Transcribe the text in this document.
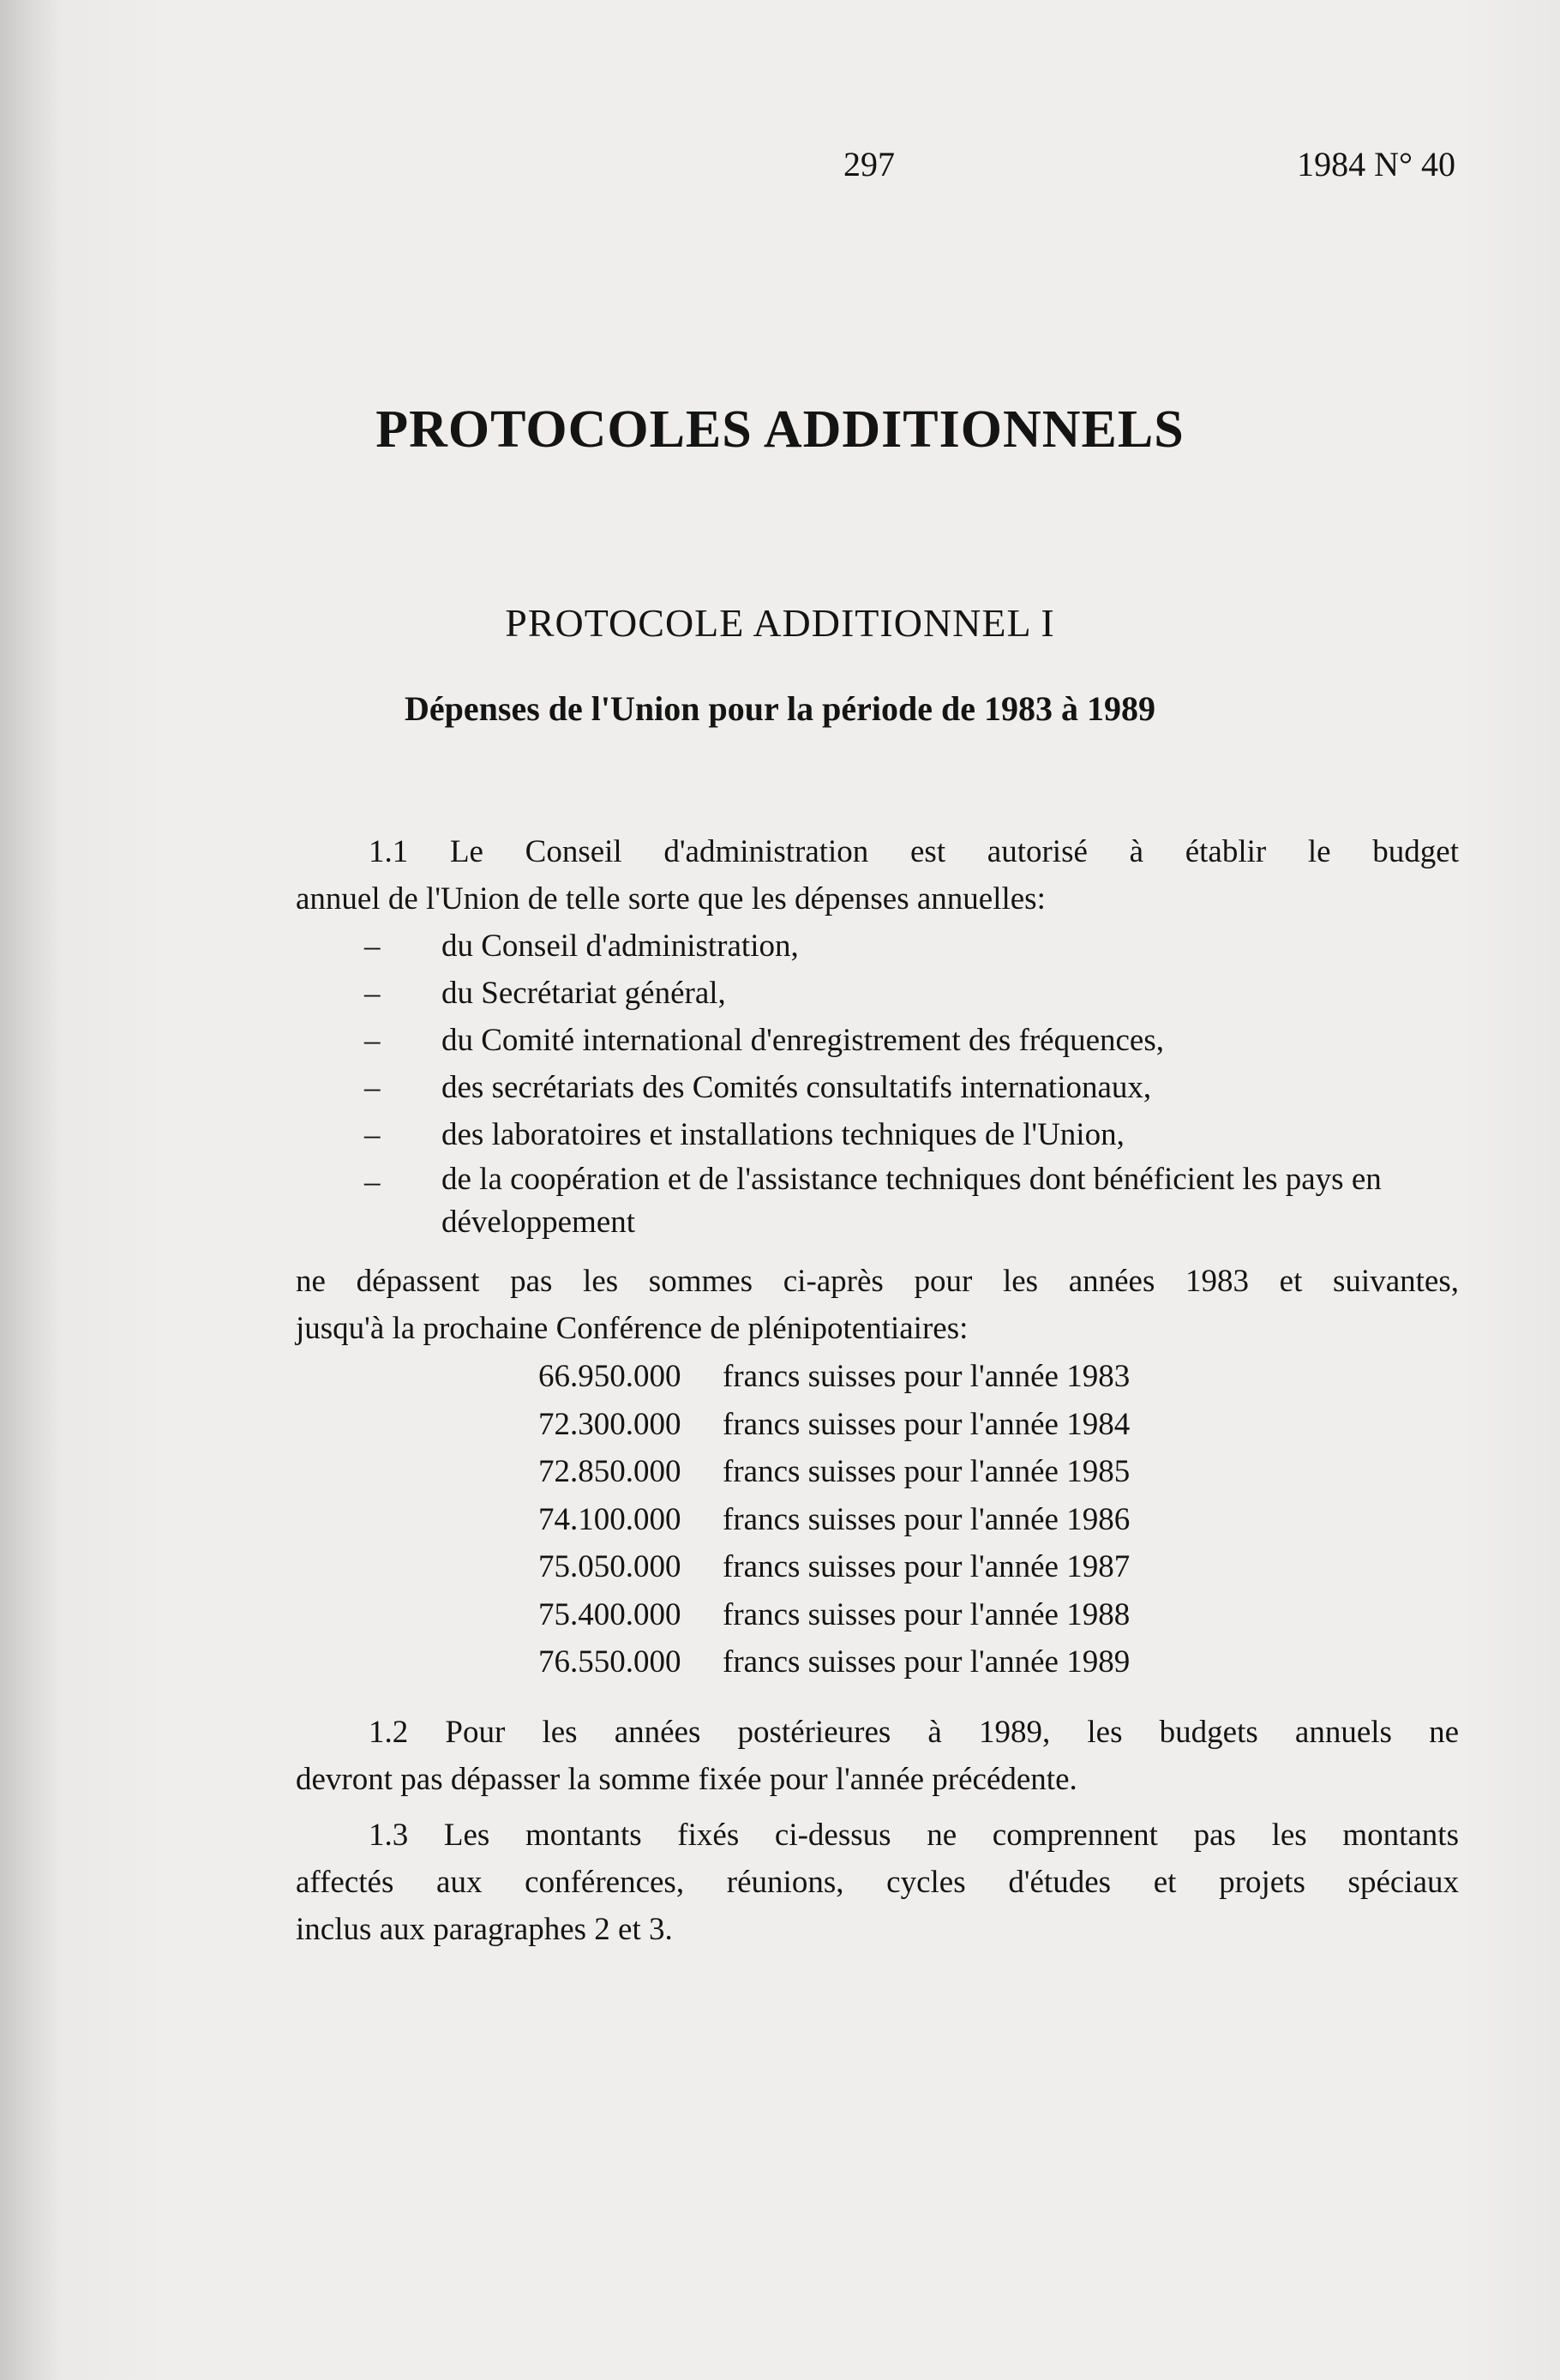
297	1984 N° 40
PROTOCOLES ADDITIONNELS
PROTOCOLE ADDITIONNEL I
Dépenses de l'Union pour la période de 1983 à 1989
1.1 Le Conseil d'administration est autorisé à établir le budget
annuel de l'Union de telle sorte que les dépenses annuelles:
–	du Conseil d'administration,
–	du Secrétariat général,
–	du Comité international d'enregistrement des fréquences,
–	des secrétariats des Comités consultatifs internationaux,
–	des laboratoires et installations techniques de l'Union,
–	de la coopération et de l'assistance techniques dont bénéficient les pays en développement
ne dépassent pas les sommes ci-après pour les années 1983 et suivantes,
jusqu'à la prochaine Conférence de plénipotentiaires:
66.950.000	francs suisses pour l'année 1983
72.300.000	francs suisses pour l'année 1984
72.850.000	francs suisses pour l'année 1985
74.100.000	francs suisses pour l'année 1986
75.050.000	francs suisses pour l'année 1987
75.400.000	francs suisses pour l'année 1988
76.550.000	francs suisses pour l'année 1989
1.2 Pour les années postérieures à 1989, les budgets annuels ne
devront pas dépasser la somme fixée pour l'année précédente.
1.3 Les montants fixés ci-dessus ne comprennent pas les montants
affectés aux conférences, réunions, cycles d'études et projets spéciaux
inclus aux paragraphes 2 et 3.
